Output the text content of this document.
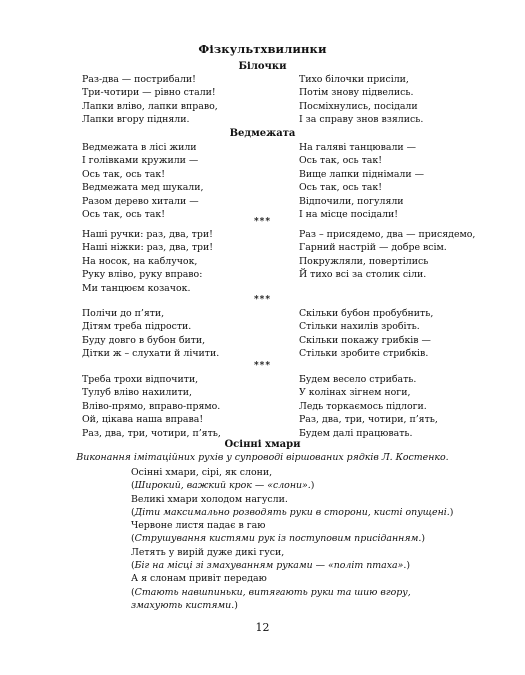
Фізкультхвилинки
Білочки
Раз-два — пострибали!
Три-чотири — рівно стали!
Лапки вліво, лапки вправо,
Лапки вгору підняли.
Тихо білочки присіли,
Потім знову підвелись.
Посміхнулись, посідали
І за справу знов взялись.
Ведмежата
Ведмежата в лісі жили
І голівками кружили —
Ось так, ось так!
Ведмежата мед шукали,
Разом дерево хитали —
Ось так, ось так!
На галяві танцювали —
Ось так, ось так!
Вище лапки піднімали —
Ось так, ось так!
Відпочили, погуляли
І на місце посідали!
***
Наші ручки: раз, два, три!
Наші ніжки: раз, два, три!
На носок, на каблучок,
Руку вліво, руку вправо:
Ми танцюєм козачок.
Раз – присядемо, два — присядемо,
Гарний настрій — добре всім.
Покружляли, повертілись
Й тихо всі за столик сіли.
***
Полічи до п’яти,
Дітям треба підрости.
Буду довго в бубон бити,
Дітки ж – слухати й лічити.
Скільки бубон пробубнить,
Стільки нахилів зробіть.
Скільки покажу грибків —
Стільки зробите стрибків.
***
Треба трохи відпочити,
Тулуб вліво нахилити,
Вліво-прямо, вправо-прямо.
Ой, цікава наша вправа!
Раз, два, три, чотири, п’ять,
Будем весело стрибать.
У колінах зігнем ноги,
Ледь торкаємось підлоги.
Раз, два, три, чотири, п’ять,
Будем далі працювать.
Осінні хмари
Виконання імітаційних рухів у супроводі віршованих рядків Л. Костенко.
Осінні хмари, сірі, як слони,
(Широкий, важкий крок — «слони».)
Великі хмари холодом нагусли.
(Діти максимально розводять руки в сторони, кисті опущені.)
Червоне листя падає в гаю
(Струшування кистями рук із поступовим присіданням.)
Летять у вирій дуже дикі гуси,
(Біг на місці зі змахуванням руками — «політ птаха».)
А я слонам привіт передаю
(Стають навшпиньки, витягають руки та шию вгору,
змахують кистями.)
12
